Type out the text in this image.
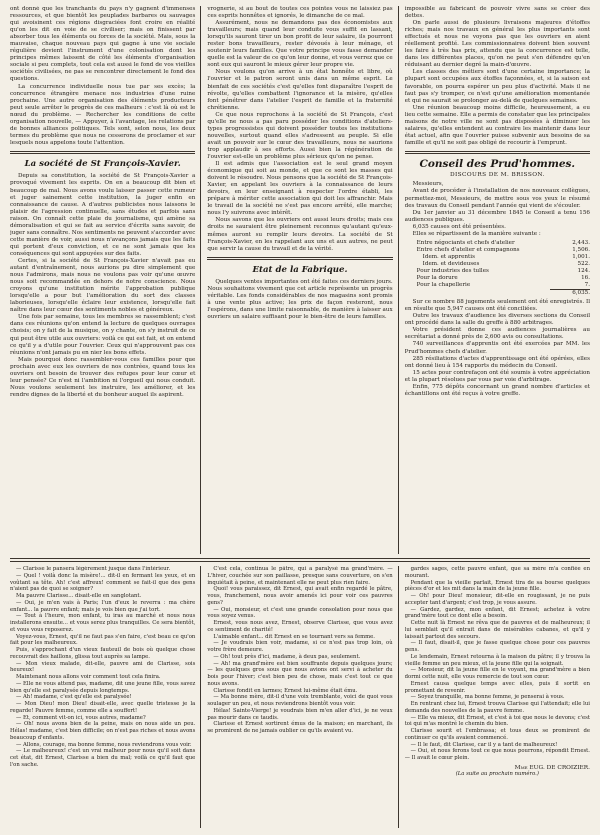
ont donné que les tranchants du pays n'y gagnent d'immenses ressources, et que bientôt les peuplades barbares ou sauvages qui avoisinent ces régions disgraciées font croire en réalité qu'on les dit en voie de se civiliser; mais on finissent par absorber tous les éléments ou forces de la société. Mais, sous la mauvaise, chaque nouveau pays qui gagne à une vie sociale régulière devient l'instrument d'une colonisation dont les principes mêmes laissent de côté les éléments d'organisation sociale si peu complets, tout cela est aussi le fond de vos vieilles sociétés civilisées, ne pas se rencontrer directement le fond des questions.

La concurrence individuelle nous tue par ses excès; la concurrence étrangère menace nos industries d'une ruine prochaine. Une autre organisation des éléments producteurs peut seule arrêter le progrès de ces malheurs : c'est là où est le nœud du problème. — Rechercher les conditions de cette organisation nouvelle, — Appuyer, à l'avantage, les relations par de bonnes alliances politiques. Tels sont, selon nous, les deux termes du problème que nous ne cesserons de proclamer et sur lesquels nous appelons toute l'attention.

La société de St François-Xavier.

Depuis sa constitution, la société de St François-Xavier a provoqué vivement les esprits. On en a beaucoup dit bien et beaucoup de mal. Nous avons voulu laisser passer cette rumeur et juger sainement cette institution, la juger enfin en connaissance de cause. A d'autres publicistes nous laissons le plaisir de l'agression continuelle, sans études et parfois sans raison. On connaît cette plaie du journalisme, qui amène sa démoralisation et qui se fait au service d'écrits sans savoir, de juger sans connaître. Nos sentiments ne peuvent s'accorder avec cette manière de voir, aussi nous n'avançons jamais que les faits qui portent d'eux conviction, et ce ne sont jamais que les conséquences qui sont appuyées sur des faits.

Certes, si la société de St François-Xavier n'avait pas eu autant d'entraînement, nous aurions pu dire simplement que nous l'admirons, mais nous ne voulons pas voir qu'une œuvre nous soit recommandée en dehors de notre conscience. Nous croyons qu'une institution mérite l'approbation publique lorsqu'elle a pour but l'amélioration du sort des classes laborieuses, lorsqu'elle éclaire leur existence, lorsqu'elle fait naître dans leur cœur des sentiments nobles et généreux.

Une fois par semaine, tous les membres se rassemblent; c'est dans ces réunions qu'on entend la lecture de quelques ouvrages choisis; on y fait de la musique, on y chante, on s'y instruit de ce qui peut être utile aux ouvriers: voilà ce qui est fait, et on entend ce qu'il y a d'utile pour l'ouvrier. Ceux qui n'approuvent pas ces réunions n'ont jamais pu en nier les bons effets.

Mais pourquoi donc rassembler-vous ces familles pour que prochain avec eux les ouvriers de nos contrées, quand tous les ouvriers ont besoin de trouver des refuges pour leur cœur et leur pensée? Ce n'est ni l'ambition ni l'orgueil qui nous conduit. Nous voulons seulement les instruire, les améliorer, et les rendre dignes de la liberté et du bonheur auquel ils aspirent.

vrognerie, si au bout de toutes ces pointes vous ne laissiez pas ces esprits honnêtes et ignorés, le dimanche de ce mal.

Assurément, nous ne demandons pas des économistes aux travailleurs; mais quand leur conduite vous suffit en lassant, lorsqu'ils sauront tirer un bon profit de leur salaire, ils pourront rester bons travailleurs, rester dévoués à leur ménage, et soutenir leurs familles. Que votre principe vous fasse demander quelle est la valeur de ce qu'on leur donne, et vous verrez que ce sont eux qui sauront le mieux gérer leur propre vie.

Nous voulons qu'on arrive à un état honnête et libre, où l'ouvrier et le patron seront unis dans un même esprit. Le bienfait de ces sociétés c'est qu'elles font disparaître l'esprit de révolte, qu'elles combattent l'ignorance et la misère, qu'elles font pénétrer dans l'atelier l'esprit de famille et la fraternité chrétienne.

Ce que nous reprochons à la société de St François, c'est qu'elle ne nous a pas paru posséder les conditions d'ateliers-types progressistes qui doivent posséder toutes les institutions nouvelles, surtout quand elles s'adressent au peuple. Si elle avait un pouvoir sur le cœur des travailleurs, nous ne saurions trop applaudir à ses efforts. Aussi bien la régénération de l'ouvrier est-elle un problème plus sérieux qu'on ne pense.

Il est admis que l'association est le seul grand moyen économique qui soit au monde, et que ce sont les masses qui doivent le résoudre. Nous pensons que la société de St François-Xavier, en appelant les ouvriers à la connaissance de leurs devoirs, en leur enseignant à respecter l'ordre établi, les prépare à mériter cette association qui doit les affranchir. Mais le travail de la société ne s'est pas encore arrêté, elle marche; nous l'y suivrons avec intérêt.

Nous savons que les ouvriers ont aussi leurs droits; mais ces droits ne sauraient être pleinement reconnus qu'autant qu'eux-mêmes auront su remplir leurs devoirs. La société de St François-Xavier, en les rappelant aux uns et aux autres, ne peut que servir la cause du travail et de la vérité.

Etat de la Fabrique.

Quelques ventes importantes ont été faites ces derniers jours. Nous souhaitons vivement que cet article représente un progrès véritable. Les fonds considérables de nos magasins sont promis à une vente plus active; les prix de façon resteront, nous l'espérons, dans une limite raisonnable, de manière à laisser aux ouvriers un salaire suffisant pour le bien-être de leurs familles.

impossible au fabricant de pouvoir vivre sans se créer des dettes.

On parle aussi de plusieurs livraisons majeures d'étoffes riches; mais nos travaux en général les plus importants sont effectués et nous ne voyons pas que les ouvriers en aient réellement profité. Les commissionnaires doivent bien souvent les faire à très bas prix, attendu que la concurrence est telle, dans les différentes places, qu'on ne peut s'en défendre qu'en réduisant au dernier degré la main-d'œuvre.

Les classes des métiers sont d'une certaine importance; la plupart sont occupées aux étoffes façonnées, et, si la saison est favorable, on pourra espérer un peu plus d'activité. Mais il ne faut pas s'y tromper, ce n'est qu'une amélioration momentanée et qui ne saurait se prolonger au-delà de quelques semaines.

Une réunion beaucoup moins difficile, heureusement, a eu lieu cette semaine. Elle a permis de constater que les principales maisons de notre ville ne sont pas disposées à diminuer les salaires, qu'elles entendent au contraire les maintenir dans leur état actuel, afin que l'ouvrier puisse subvenir aux besoins de sa famille et qu'il ne soit pas obligé de recourir à l'emprunt.

Conseil des Prud'hommes.
DISCOURS DE M. BRISSON.

Messieurs,

Avant de procéder à l'installation de nos nouveaux collègues, permettez-moi, Messieurs, de mettre sous vos yeux le résumé des travaux du Conseil pendant l'année qui vient de s'écouler.

Du 1er janvier au 31 décembre 1845 le Conseil a tenu 156 audiences publiques.

6,035 causes ont été présentées.

Elles se répartissent de la manière suivante :

Entre négociants et chefs d'atelier	2,443.
Entre chefs d'atelier et compagnons	1,506.
Idem. et apprentis	1,001.
Idem. et devideuses	522.
Pour industries des tulles	124.
Pour la dorure	16.
Pour la chapellerie	7.
6,035.

Sur ce nombre 88 jugements seulement ont été enregistrés. Il en résulte que 5,947 causes ont été conciliées.

Outre les travaux d'audience les diverses sections du Conseil ont procédé dans la salle du greffe à 880 arbitrages.

Votre président donne ces audiences journalières au secrétariat a donné près de 2,600 avis ou consultations.

740 surveillances d'apprentis ont été exercées par MM. les Prud'hommes chefs d'atelier.

285 résiliations d'actes d'apprentissage ont été opérées, elles ont donné lieu à 154 rapports du médecin du Conseil.

15 actes pour contrefaçon ont été soumis à votre appréciation et la plupart résolues par vous par voie d'arbitrage.

Enfin, 775 dépôts concernant un grand nombre d'articles et échantillons ont été reçus à votre greffe.

— Clarisse le pansera légèrement jusque dans l'intérieur.

— Quel ! voilà donc la misère!... dit-il en fermant les yeux, et en voûtant sa tête. Ah! c'est affreux! comment se fait-il que des gens n'aient pas de quoi se soigner?

Ma pauvre Clarisse... disait-elle en sanglotant.

— Oui, je m'en vais à Paris; l'un d'eux le reverra : ma chère enfant... la pauvre enfant; mais je vois bien que j'ai tort.

— Tout à l'heure, mon enfant, tu iras au marché et nous nous installerons ensuite... et vous serez plus tranquilles. Ce sera bientôt, et vous vous reposerez.

Voyez-vous, Ernest, qu'il ne faut pas s'en faire, c'est beau ce qu'on fait pour les malheureux.

Puis, s'approchant d'un vieux fauteuil de bois où quelque chose recouvrait des haillons, glissa tout auprès sa lampe.

— Mon vieux malade, dit-elle, pauvre ami de Clarisse, sois heureux!

Maintenant nous allons voir comment tout cela finira.

— Elle ne vous attend pas, madame, dit une jeune fille, vous savez bien qu'elle est paralysée depuis longtemps.

— Ah! madame, c'est qu'elle est paralysée!

— Mon Dieu! mon Dieu! disait-elle, avec quelle tristesse je la regarde! Pauvre femme, comme elle a souffert!

— Et, comment vit-on ici, vous autres, madame?

— Oh! nous avons bien de la peine, mais on nous aide un peu. Hélas! madame, c'est bien difficile; on n'est pas riches et nous avons beaucoup d'enfants.

— Allons, courage, ma bonne femme, nous reviendrons vous voir.

— Le malheureux! c'est un vrai malheur pour nous qu'il soit dans cet état, dit Ernest, Clarisse a bien du mal; voilà ce qu'il faut que l'on sache.

C'est cela, continua le pâtre, qui a paralysé ma grand'mère. — L'hiver, couchée sur son paillasse, presque sans couverture, on s'en inquiétait à peine, et maintenant elle ne peut plus rien faire.

Quoi! vous paraissez, dit Ernest, qui avait enfin regardé le pâtre, vous, franchement, nous avoir amenés ici pour voir ces pauvres gens?

— Oui, monsieur, et c'est une grande consolation pour nous que vous soyez venus.

Ernest, vous nous avez, Ernest, observe Clarisse, que vous avez ce sentiment de charité!

L'aimable enfant... dit Ernest en se tournant vers sa femme.

— Je voudrais bien voir, madame, si ce n'est pas trop loin, où votre frère demeure.

— Oh! tout près d'ici, madame, à deux pas, seulement.

— Ah! ma grand'mère est bien souffrante depuis quelques jours; — les quelques gros sous que nous avions ont servi à acheter du bois pour l'hiver; c'est bien peu de chose, mais c'est tout ce que nous avons.

Clarisse fondit en larmes; Ernest lui-même était ému.

— Ma bonne mère, dit-il d'une voix tremblante, voici de quoi vous soulager un peu, et nous reviendrons bientôt vous voir.

Hélas! Sainte-Vierge! je voudrais bien m'en aller d'ici, je ne veux pas mourir dans ce taudis.

Clarisse et Ernest sortirent émus de la maison; en marchant, ils se promirent de ne jamais oublier ce qu'ils avaient vu.

gardes sages, cette pauvre enfant, que sa mère m'a confiée en mourant.

Pendant que la vieille parlait, Ernest tira de sa bourse quelques pièces d'or et les mit dans la main de la jeune fille.

— Oh! pour Dieu! monsieur, dit-elle en rougissant, je ne puis accepter tant d'argent; c'est trop, je vous assure.

— Gardez, gardez, mon enfant, dit Ernest; achetez à votre grand'mère tout ce dont elle a besoin.

Cette nuit là Ernest ne rêva que de pauvres et de malheureux; il lui semblait qu'il entrait dans de misérables cabanes, et qu'il y laissait partout des secours.

— Il faut, disait-il, que je fasse quelque chose pour ces pauvres gens.

Le lendemain, Ernest retourna à la maison du pâtre; il y trouva la vieille femme un peu mieux, et la jeune fille qui la soignait.

— Monsieur, dit la jeune fille en le voyant, ma grand'mère a bien dormi cette nuit, elle vous remercie de tout son cœur.

Ernest causa quelque temps avec elles, puis il sortit en promettant de revenir.

— Soyez tranquille, ma bonne femme, je penserai à vous.

En rentrant chez lui, Ernest trouva Clarisse qui l'attendait; elle lui demanda des nouvelles de la pauvre femme.

— Elle va mieux, dit Ernest, et c'est à toi que nous le devons; c'est toi qui m'as montré le chemin du bien.

Clarisse sourit et l'embrassa; et tous deux se promirent de continuer ce qu'ils avaient commencé.

— Il le faut, dit Clarisse, car il y a tant de malheureux!

— Oui, et nous ferons tout ce que nous pourrons, répondit Ernest. — Il avait le cœur plein.

Mme EUG. DE CROIZIER.

(La suite au prochain numéro.)
